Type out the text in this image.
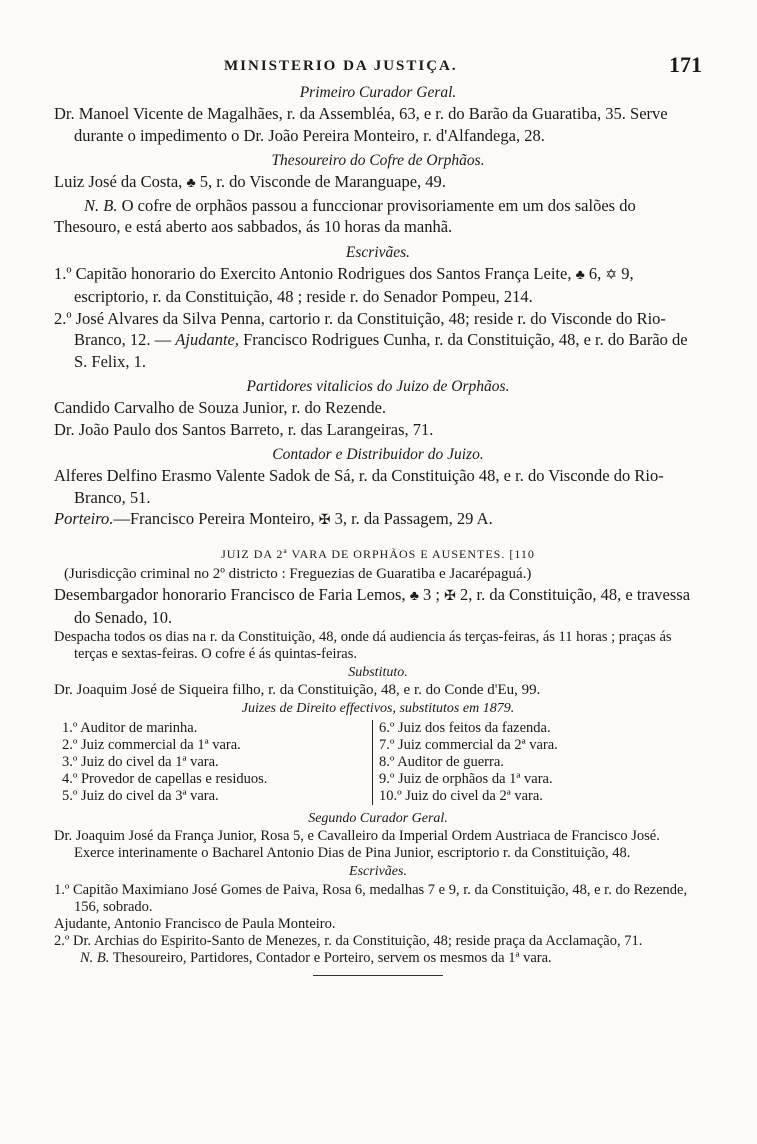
MINISTERIO DA JUSTIÇA.	171

Primeiro Curador Geral.

Dr. Manoel Vicente de Magalhães, r. da Assembléa, 63, e r. do Barão da Guaratiba, 35. Serve durante o impedimento o Dr. João Pereira Monteiro, r. d'Alfandega, 28.

Thesoureiro do Cofre de Orphãos.

Luiz José da Costa, ♣ 5, r. do Visconde de Maranguape, 49.

N. B. O cofre de orphãos passou a funccionar provisoriamente em um dos salões do Thesouro, e está aberto aos sabbados, ás 10 horas da manhã.

Escrivães.

1.º Capitão honorario do Exercito Antonio Rodrigues dos Santos França Leite, ♣ 6, ✡ 9, escriptorio, r. da Constituição, 48 ; reside r. do Senador Pompeu, 214.

2.º José Alvares da Silva Penna, cartorio r. da Constituição, 48; reside r. do Visconde do Rio-Branco, 12. — Ajudante, Francisco Rodrigues Cunha, r. da Constituição, 48, e r. do Barão de S. Felix, 1.

Partidores vitalicios do Juizo de Orphãos.

Candido Carvalho de Souza Junior, r. do Rezende.

Dr. João Paulo dos Santos Barreto, r. das Larangeiras, 71.

Contador e Distribuidor do Juizo.

Alferes Delfino Erasmo Valente Sadok de Sá, r. da Constituição 48, e r. do Visconde do Rio-Branco, 51.

Porteiro.—Francisco Pereira Monteiro, ✠ 3, r. da Passagem, 29 A.

JUIZ DA 2ª VARA DE ORPHÃOS E AUSENTES. [110

(Jurisdicção criminal no 2º districto : Freguezias de Guaratiba e Jacarépaguá.)

Desembargador honorario Francisco de Faria Lemos, ♣ 3 ; ✠ 2, r. da Constituição, 48, e travessa do Senado, 10.

Despacha todos os dias na r. da Constituição, 48, onde dá audiencia ás terças-feiras, ás 11 horas ; praças ás terças e sextas-feiras. O cofre é ás quintas-feiras.

Substituto.

Dr. Joaquim José de Siqueira filho, r. da Constituição, 48, e r. do Conde d'Eu, 99.

Juizes de Direito effectivos, substitutos em 1879.

1.º Auditor de marinha.
2.º Juiz commercial da 1ª vara.
3.º Juiz do civel da 1ª vara.
4.º Provedor de capellas e residuos.
5.º Juiz do civel da 3ª vara.
6.º Juiz dos feitos da fazenda.
7.º Juiz commercial da 2ª vara.
8.º Auditor de guerra.
9.º Juiz de orphãos da 1ª vara.
10.º Juiz do civel da 2ª vara.

Segundo Curador Geral.

Dr. Joaquim José da França Junior, Rosa 5, e Cavalleiro da Imperial Ordem Austriaca de Francisco José. Exerce interinamente o Bacharel Antonio Dias de Pina Junior, escriptorio r. da Constituição, 48.

Escrivães.

1.º Capitão Maximiano José Gomes de Paiva, Rosa 6, medalhas 7 e 9, r. da Constituição, 48, e r. do Rezende, 156, sobrado.

Ajudante, Antonio Francisco de Paula Monteiro.

2.º Dr. Archias do Espirito-Santo de Menezes, r. da Constituição, 48; reside praça da Acclamação, 71.

N. B. Thesoureiro, Partidores, Contador e Porteiro, servem os mesmos da 1ª vara.
